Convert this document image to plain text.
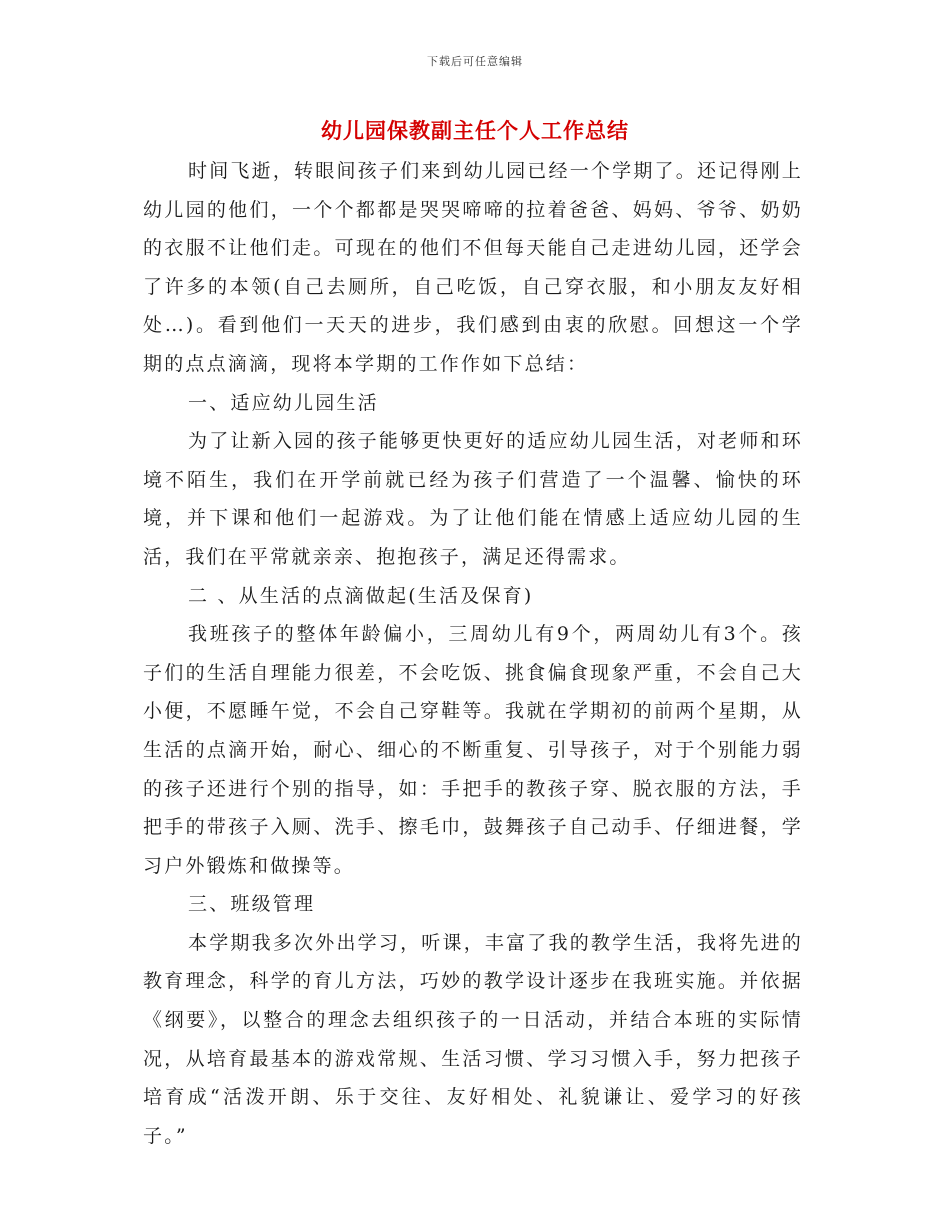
下载后可任意编辑
幼儿园保教副主任个人工作总结

时间飞逝，转眼间孩子们来到幼儿园已经一个学期了。还记得刚上幼儿园的他们，一个个都都是哭哭啼啼的拉着爸爸、妈妈、爷爷、奶奶的衣服不让他们走。可现在的他们不但每天能自己走进幼儿园，还学会了许多的本领(自己去厕所，自己吃饭，自己穿衣服，和小朋友友好相处…)。看到他们一天天的进步，我们感到由衷的欣慰。回想这一个学期的点点滴滴，现将本学期的工作作如下总结：

一、适应幼儿园生活

为了让新入园的孩子能够更快更好的适应幼儿园生活，对老师和环境不陌生，我们在开学前就已经为孩子们营造了一个温馨、愉快的环境，并下课和他们一起游戏。为了让他们能在情感上适应幼儿园的生活，我们在平常就亲亲、抱抱孩子，满足还得需求。

二 、从生活的点滴做起(生活及保育)

我班孩子的整体年龄偏小，三周幼儿有9个，两周幼儿有3个。孩子们的生活自理能力很差，不会吃饭、挑食偏食现象严重，不会自己大小便，不愿睡午觉，不会自己穿鞋等。我就在学期初的前两个星期，从生活的点滴开始，耐心、细心的不断重复、引导孩子，对于个别能力弱的孩子还进行个别的指导，如：手把手的教孩子穿、脱衣服的方法，手把手的带孩子入厕、洗手、擦毛巾，鼓舞孩子自己动手、仔细进餐，学习户外锻炼和做操等。

三、班级管理

本学期我多次外出学习，听课，丰富了我的教学生活，我将先进的教育理念，科学的育儿方法，巧妙的教学设计逐步在我班实施。并依据《纲要》，以整合的理念去组织孩子的一日活动，并结合本班的实际情况，从培育最基本的游戏常规、生活习惯、学习习惯入手，努力把孩子培育成“活泼开朗、乐于交往、友好相处、礼貌谦让、爱学习的好孩子。”
